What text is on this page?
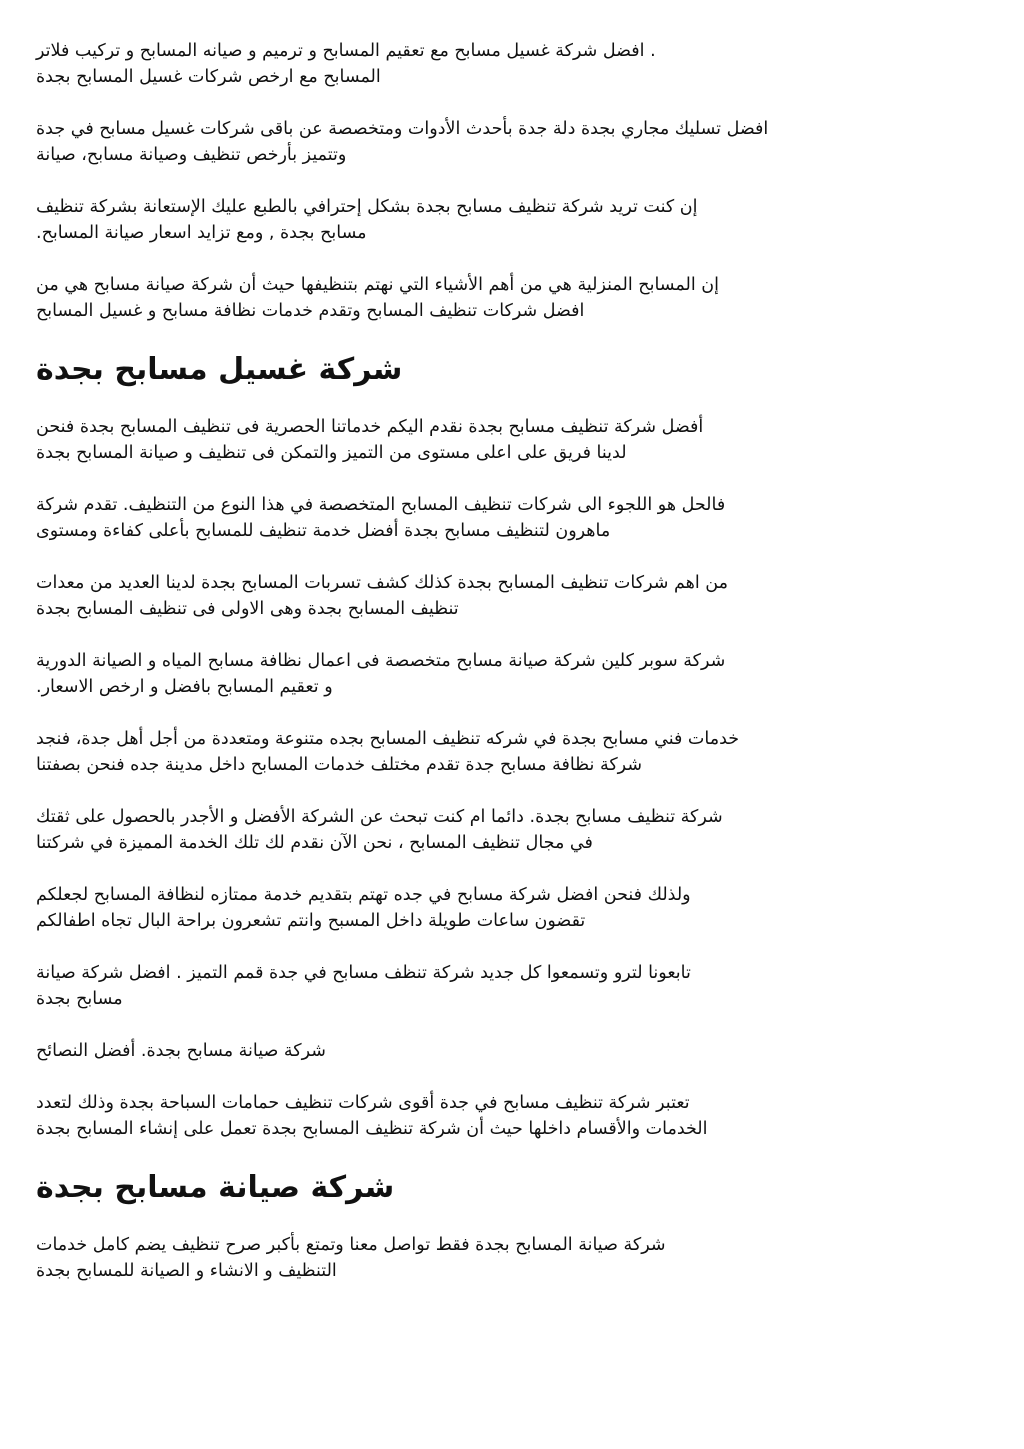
. افضل شركة غسيل مسابح مع تعقيم المسابح و ترميم و صيانه المسابح و تركيب فلاتر
المسابح مع ارخص شركات غسيل المسابح بجدة

افضل تسليك مجاري بجدة دلة جدة بأحدث الأدوات ومتخصصة عن باقى شركات غسيل مسابح في جدة
وتتميز بأرخص تنظيف وصيانة مسابح، صيانة

إن كنت تريد شركة تنظيف مسابح بجدة بشكل إحترافي بالطبع عليك الإستعانة بشركة تنظيف
مسابح بجدة , ومع تزايد اسعار صيانة المسابح.

إن المسابح المنزلية هي من أهم الأشياء التي نهتم بتنظيفها حيث أن شركة صيانة مسابح هي من
افضل شركات تنظيف المسابح وتقدم خدمات نظافة مسابح و غسيل المسابح

شركة غسيل مسابح بجدة

أفضل شركة تنظيف مسابح بجدة نقدم اليكم خدماتنا الحصرية فى تنظيف المسابح بجدة فنحن
لدينا فريق على اعلى مستوى من التميز والتمكن فى تنظيف و صيانة المسابح بجدة

فالحل هو اللجوء الى شركات تنظيف المسابح المتخصصة في هذا النوع من التنظيف. تقدم شركة
ماهرون لتنظيف مسابح بجدة أفضل خدمة تنظيف للمسابح بأعلى كفاءة ومستوى

من اهم شركات تنظيف المسابح بجدة كذلك كشف تسربات المسابح بجدة لدينا العديد من معدات
تنظيف المسابح بجدة وهى الاولى فى تنظيف المسابح بجدة

شركة سوبر كلين شركة صيانة مسابح متخصصة فى اعمال نظافة مسابح المياه و الصيانة الدورية
و تعقيم المسابح بافضل و ارخص الاسعار.

خدمات فني مسابح بجدة في شركه تنظيف المسابح بجده متنوعة ومتعددة من أجل أهل جدة، فنجد
شركة نظافة مسابح جدة تقدم مختلف خدمات المسابح داخل مدينة جده فنحن بصفتنا

شركة تنظيف مسابح بجدة. دائما ام كنت تبحث عن الشركة الأفضل و الأجدر بالحصول على ثقتك
في مجال تنظيف المسابح ، نحن الآن نقدم لك تلك الخدمة المميزة في شركتنا

ولذلك فنحن افضل شركة مسابح في جده تهتم بتقديم خدمة ممتازه لنظافة المسابح لجعلكم
تقضون ساعات طويلة داخل المسبح وانتم تشعرون براحة البال تجاه اطفالكم

تابعونا لترو وتسمعوا كل جديد شركة تنظف مسابح في جدة قمم التميز . افضل شركة صيانة
مسابح بجدة

شركة صيانة مسابح بجدة. أفضل النصائح

تعتبر شركة تنظيف مسابح في جدة أقوى شركات تنظيف حمامات السباحة بجدة وذلك لتعدد
الخدمات والأقسام داخلها حيث أن شركة تنظيف المسابح بجدة تعمل على إنشاء المسابح بجدة

شركة صيانة مسابح بجدة

شركة صيانة المسابح بجدة فقط تواصل معنا وتمتع بأكبر صرح تنظيف يضم كامل خدمات
التنظيف و الانشاء و الصيانة للمسابح بجدة
